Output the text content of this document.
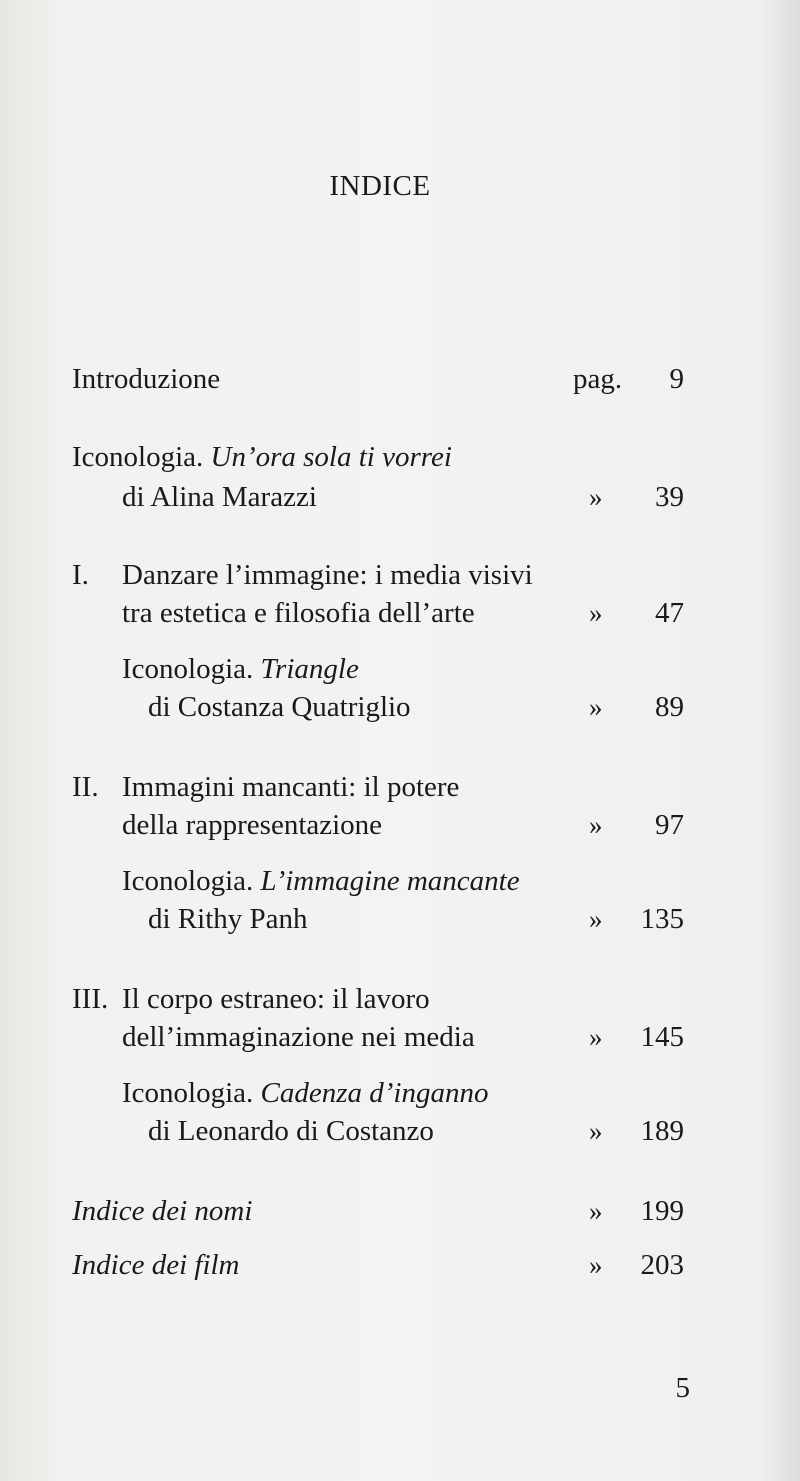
INDICE
Introduzione	pag.	9
Iconologia. Un’ora sola ti vorrei
di Alina Marazzi	»	39
I. Danzare l’immagine: i media visivi
tra estetica e filosofia dell’arte	»	47
Iconologia. Triangle
di Costanza Quatriglio	»	89
II. Immagini mancanti: il potere
della rappresentazione	»	97
Iconologia. L’immagine mancante
di Rithy Panh	»	135
III. Il corpo estraneo: il lavoro
dell’immaginazione nei media	»	145
Iconologia. Cadenza d’inganno
di Leonardo di Costanzo	»	189
Indice dei nomi	»	199
Indice dei film	»	203
5
